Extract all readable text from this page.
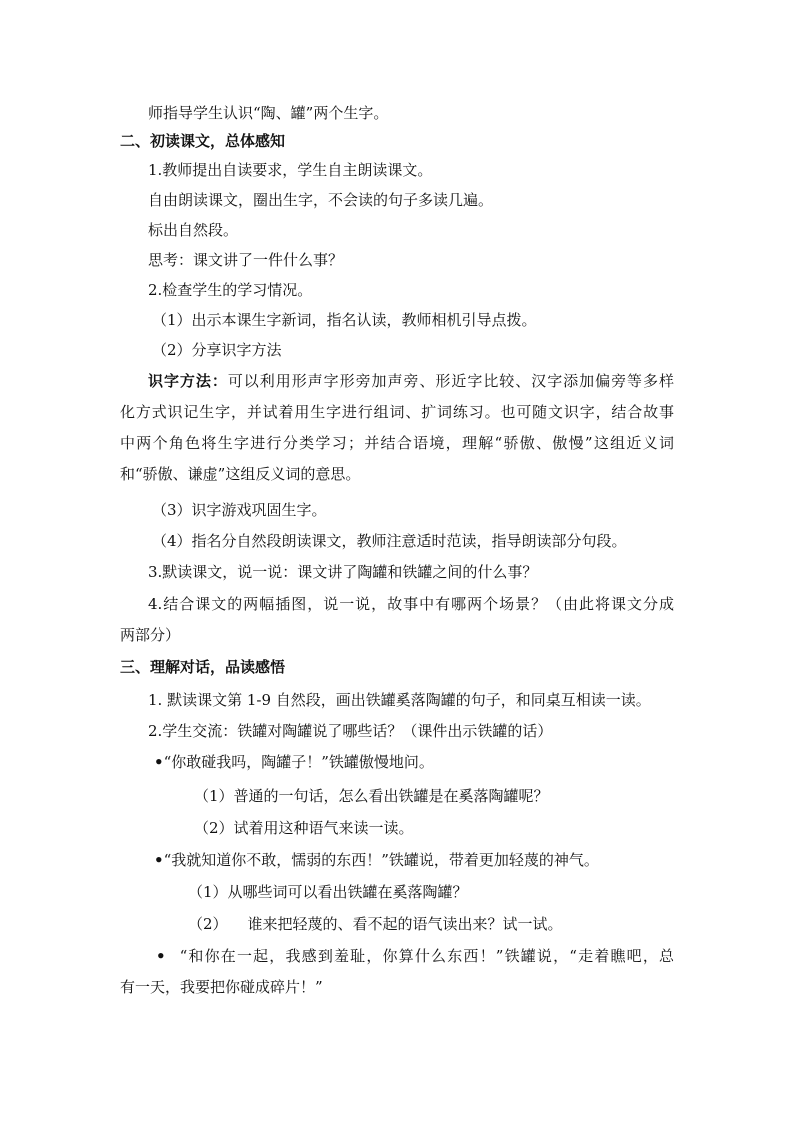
师指导学生认识“陶、罐”两个生字。

二、初读课文，总体感知

1.教师提出自读要求，学生自主朗读课文。

自由朗读课文，圈出生字，不会读的句子多读几遍。

标出自然段。

思考：课文讲了一件什么事？

2.检查学生的学习情况。

（1）出示本课生字新词，指名认读，教师相机引导点拨。

（2）分享识字方法

识字方法：可以利用形声字形旁加声旁、形近字比较、汉字添加偏旁等多样

化方式识记生字，并试着用生字进行组词、扩词练习。也可随文识字，结合故事

中两个角色将生字进行分类学习；并结合语境，理解“骄傲、傲慢”这组近义词

和“骄傲、谦虚”这组反义词的意思。

（3）识字游戏巩固生字。

（4）指名分自然段朗读课文，教师注意适时范读，指导朗读部分句段。

3.默读课文，说一说：课文讲了陶罐和铁罐之间的什么事？

4.结合课文的两幅插图，说一说，故事中有哪两个场景？（由此将课文分成

两部分）

三、理解对话，品读感悟

1. 默读课文第 1-9 自然段，画出铁罐奚落陶罐的句子，和同桌互相读一读。

2.学生交流：铁罐对陶罐说了哪些话？（课件出示铁罐的话）

•“你敢碰我吗，陶罐子！”铁罐傲慢地问。

（1）普通的一句话，怎么看出铁罐是在奚落陶罐呢？

（2）试着用这种语气来读一读。

•“我就知道你不敢，懦弱的东西！”铁罐说，带着更加轻蔑的神气。

（1）从哪些词可以看出铁罐在奚落陶罐？

（2） 谁来把轻蔑的、看不起的语气读出来？试一试。

• “和你在一起，我感到羞耻，你算什么东西！”铁罐说，“走着瞧吧，总

有一天，我要把你碰成碎片！”
